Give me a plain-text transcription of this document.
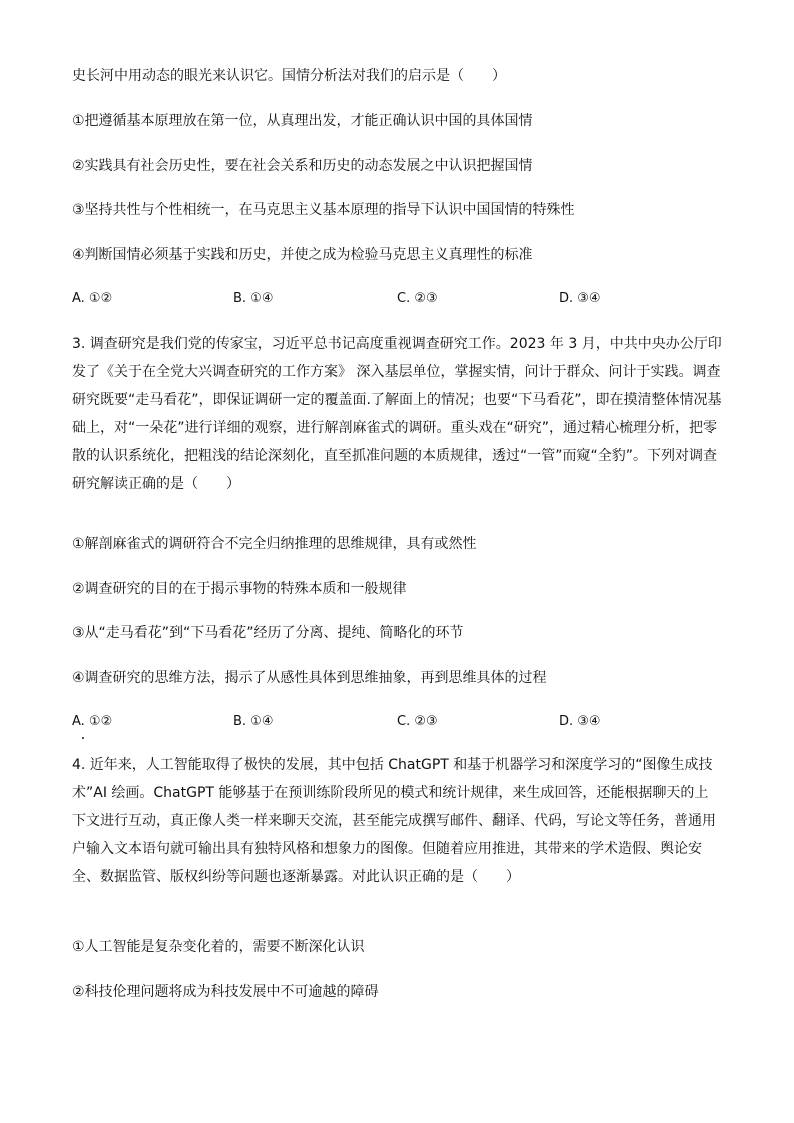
史长河中用动态的眼光来认识它。国情分析法对我们的启示是（　　）

①把遵循基本原理放在第一位，从真理出发，才能正确认识中国的具体国情

②实践具有社会历史性，要在社会关系和历史的动态发展之中认识把握国情

③坚持共性与个性相统一，在马克思主义基本原理的指导下认识中国国情的特殊性

④判断国情必须基于实践和历史，并使之成为检验马克思主义真理性的标准

A. ①②	B. ①④	C. ②③	D. ③④

3. 调查研究是我们党的传家宝，习近平总书记高度重视调查研究工作。2023 年 3 月，中共中央办公厅印发了《关于在全党大兴调查研究的工作方案》 深入基层单位，掌握实情，问计于群众、问计于实践。调查研究既要“走马看花”，即保证调研一定的覆盖面.了解面上的情况；也要“下马看花”，即在摸清整体情况基础上，对“一朵花”进行详细的观察，进行解剖麻雀式的调研。重头戏在“研究”，通过精心梳理分析，把零散的认识系统化，把粗浅的结论深刻化，直至抓准问题的本质规律，透过“一管”而窥“全豹”。下列对调查研究解读正确的是（　　）

①解剖麻雀式的调研符合不完全归纳推理的思维规律，具有或然性

②调查研究的目的在于揭示事物的特殊本质和一般规律

③从“走马看花”到“下马看花”经历了分离、提纯、简略化的环节

④调查研究的思维方法，揭示了从感性具体到思维抽象，再到思维具体的过程

A. ①②	B. ①④	C. ②③	D. ③④

4. 近年来，人工智能取得了极快的发展，其中包括 ChatGPT 和基于机器学习和深度学习的“图像生成技术”AI 绘画。ChatGPT 能够基于在预训练阶段所见的模式和统计规律，来生成回答，还能根据聊天的上下文进行互动，真正像人类一样来聊天交流，甚至能完成撰写邮件、翻译、代码，写论文等任务，普通用户输入文本语句就可输出具有独特风格和想象力的图像。但随着应用推进，其带来的学术造假、舆论安全、数据监管、版权纠纷等问题也逐渐暴露。对此认识正确的是（　　）

①人工智能是复杂变化着的，需要不断深化认识

②科技伦理问题将成为科技发展中不可逾越的障碍
